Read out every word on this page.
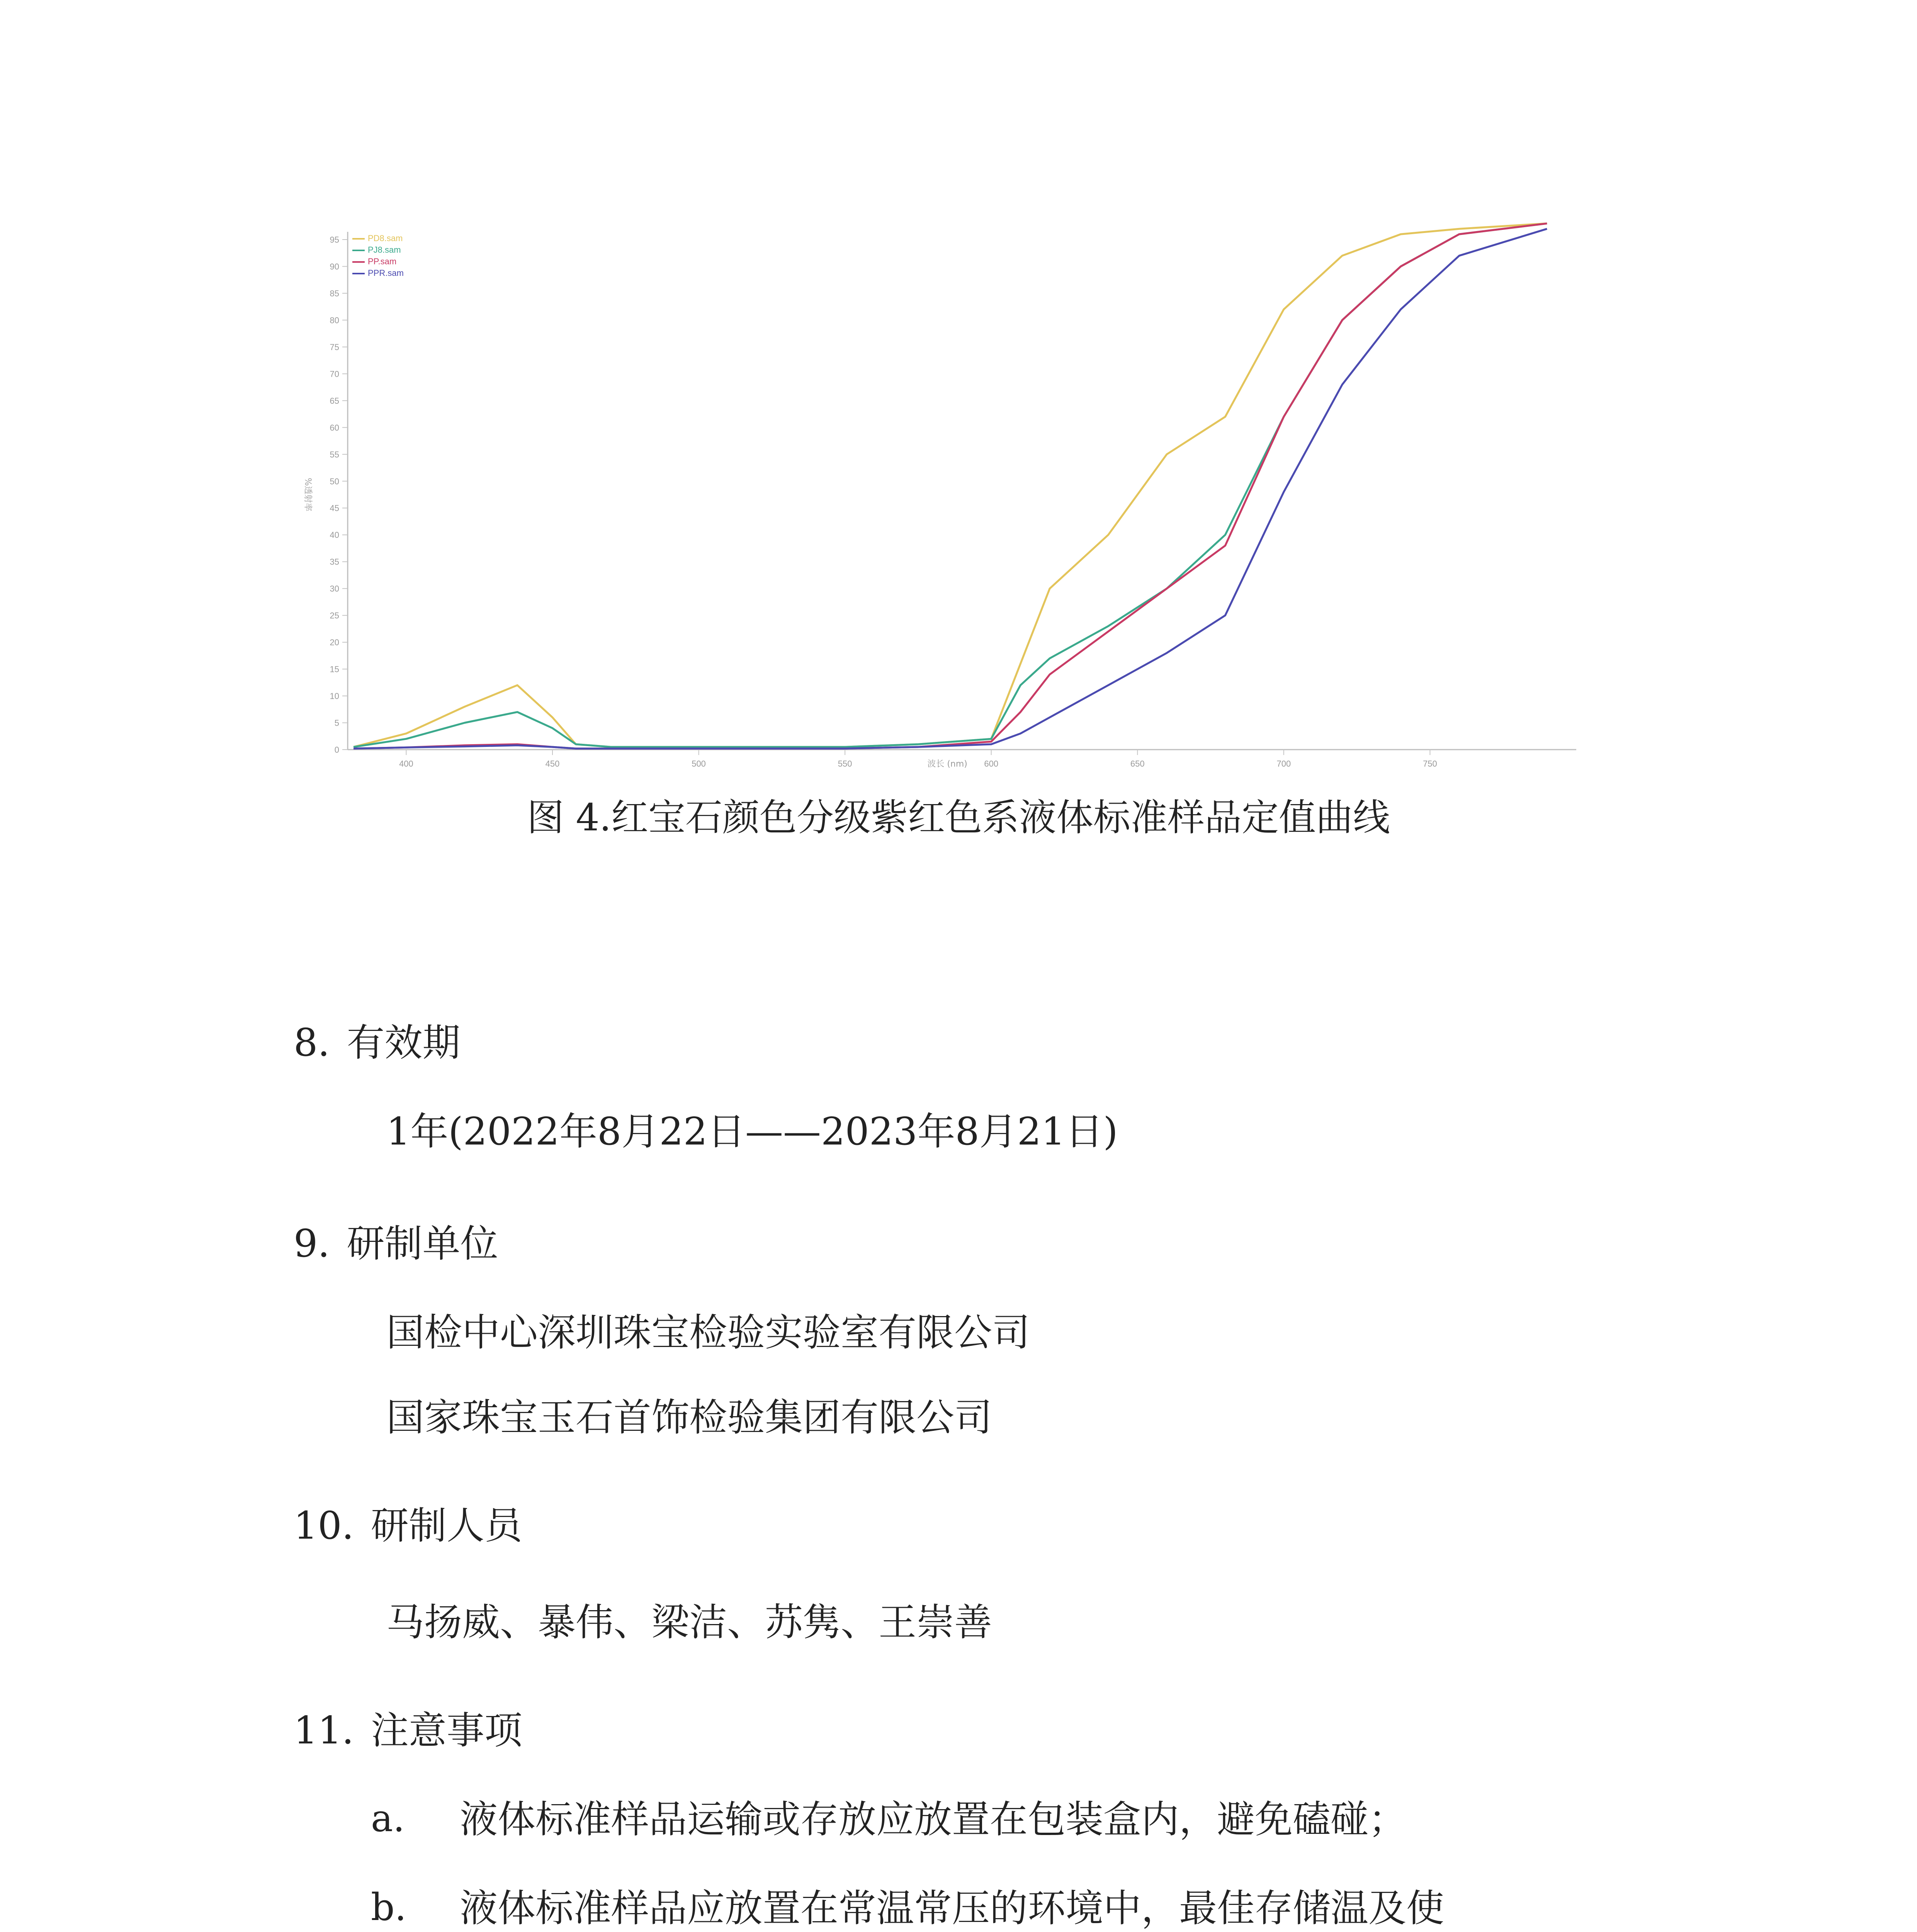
0
5
10
15
20
25
30
35
40
45
50
55
60
65
70
75
80
85
90
95
400	450	500	550	600	650	700	750
波长 (nm)
%透射率
PD8.sam
PJ8.sam
PP.sam
PPR.sam
图 4.红宝石颜色分级紫红色系液体标准样品定值曲线
8. 有效期
1年(2022年8月22日——2023年8月21日)
9. 研制单位
国检中心深圳珠宝检验实验室有限公司
国家珠宝玉石首饰检验集团有限公司
10. 研制人员
马扬威、暴伟、梁洁、苏隽、王崇善
11. 注意事项
a. 液体标准样品运输或存放应放置在包装盒内，避免磕碰；
b. 液体标准样品应放置在常温常压的环境中，最佳存储温及使
